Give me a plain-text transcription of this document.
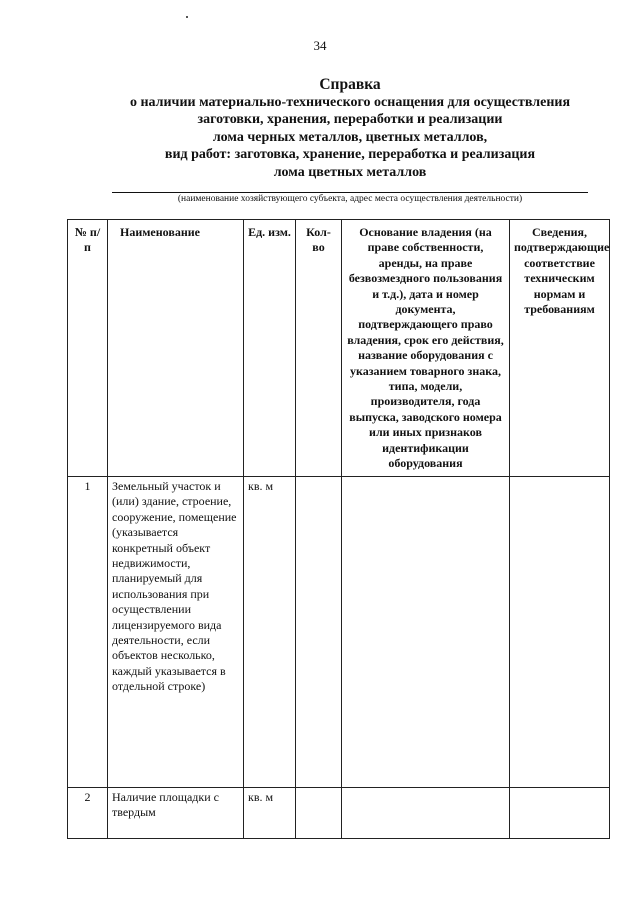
34
Справка
о наличии материально-технического оснащения для осуществления
заготовки, хранения, переработки и реализации
лома черных металлов, цветных металлов,
вид работ: заготовка, хранение, переработка и реализация
лома цветных металлов
(наименование хозяйствующего субъекта, адрес места осуществления деятельности)
№ п/п	Наименование	Ед. изм.	Кол-во	Основание владения (на праве собственности, аренды, на праве безвозмездного пользования и т.д.), дата и номер документа, подтверждающего право владения, срок его действия, название оборудования с указанием товарного знака, типа, модели, производителя, года выпуска, заводского номера или иных признаков идентификации оборудования	Сведения, подтверждающие соответствие техническим нормам и требованиям
1	Земельный участок и (или) здание, строение, сооружение, помещение (указывается конкретный объект недвижимости, планируемый для использования при осуществлении лицензируемого вида деятельности, если объектов несколько, каждый указывается в отдельной строке)	кв. м			
2	Наличие площадки с твердым	кв. м			
